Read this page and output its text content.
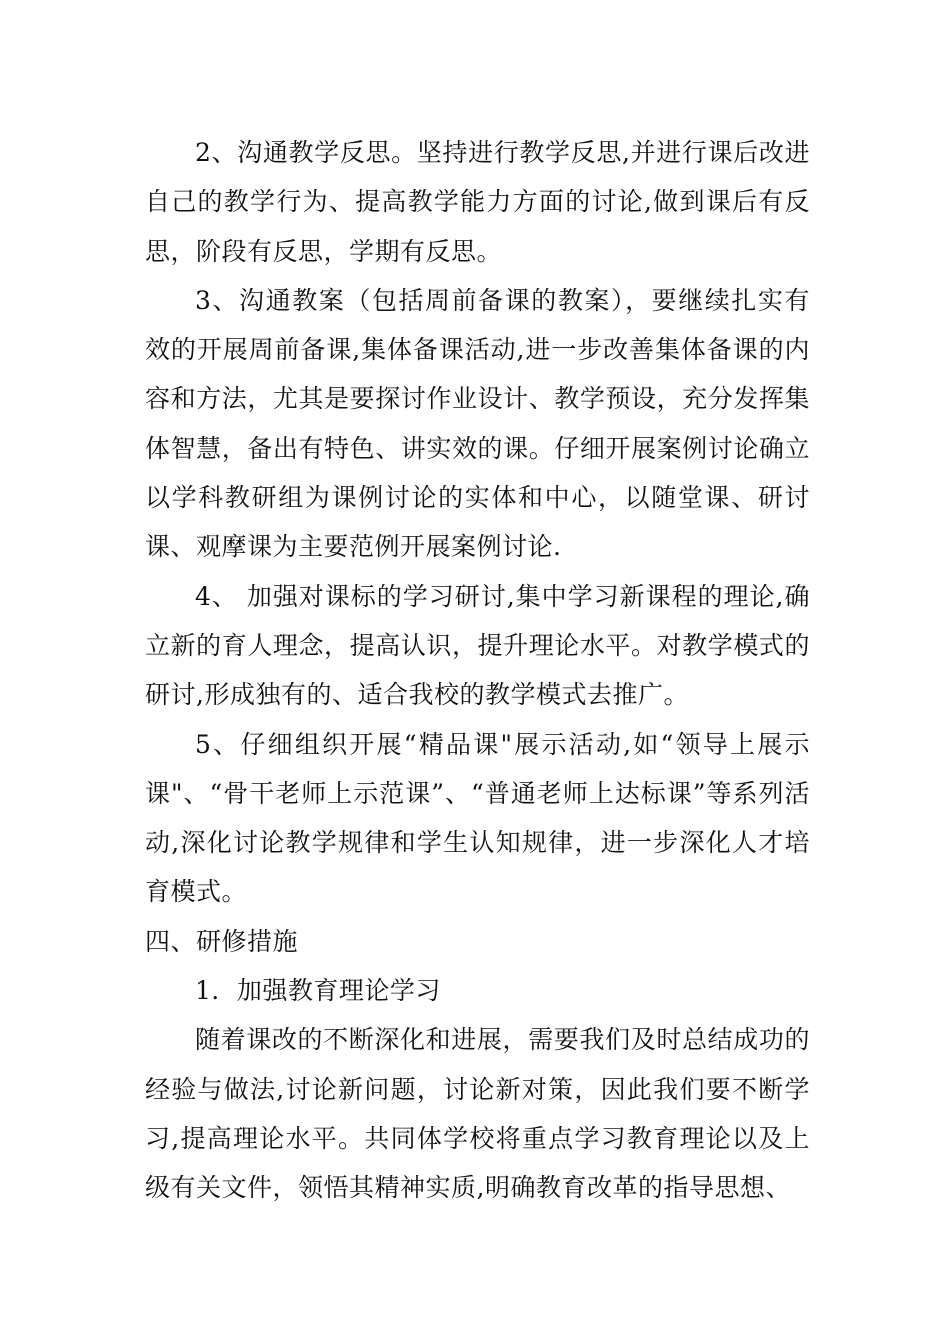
2、沟通教学反思。坚持进行教学反思,并进行课后改进自己的教学行为、提高教学能力方面的讨论,做到课后有反思，阶段有反思，学期有反思。

3、沟通教案（包括周前备课的教案），要继续扎实有效的开展周前备课,集体备课活动,进一步改善集体备课的内容和方法，尤其是要探讨作业设计、教学预设，充分发挥集体智慧，备出有特色、讲实效的课。仔细开展案例讨论确立以学科教研组为课例讨论的实体和中心，以随堂课、研讨课、观摩课为主要范例开展案例讨论.

4、 加强对课标的学习研讨,集中学习新课程的理论,确立新的育人理念，提高认识，提升理论水平。对教学模式的研讨,形成独有的、适合我校的教学模式去推广。

5、仔细组织开展“精品课"展示活动,如“领导上展示课"、“骨干老师上示范课”、“普通老师上达标课”等系列活动,深化讨论教学规律和学生认知规律，进一步深化人才培育模式。

四、研修措施

1．加强教育理论学习

随着课改的不断深化和进展，需要我们及时总结成功的经验与做法,讨论新问题，讨论新对策，因此我们要不断学习,提高理论水平。共同体学校将重点学习教育理论以及上级有关文件，领悟其精神实质,明确教育改革的指导思想、
